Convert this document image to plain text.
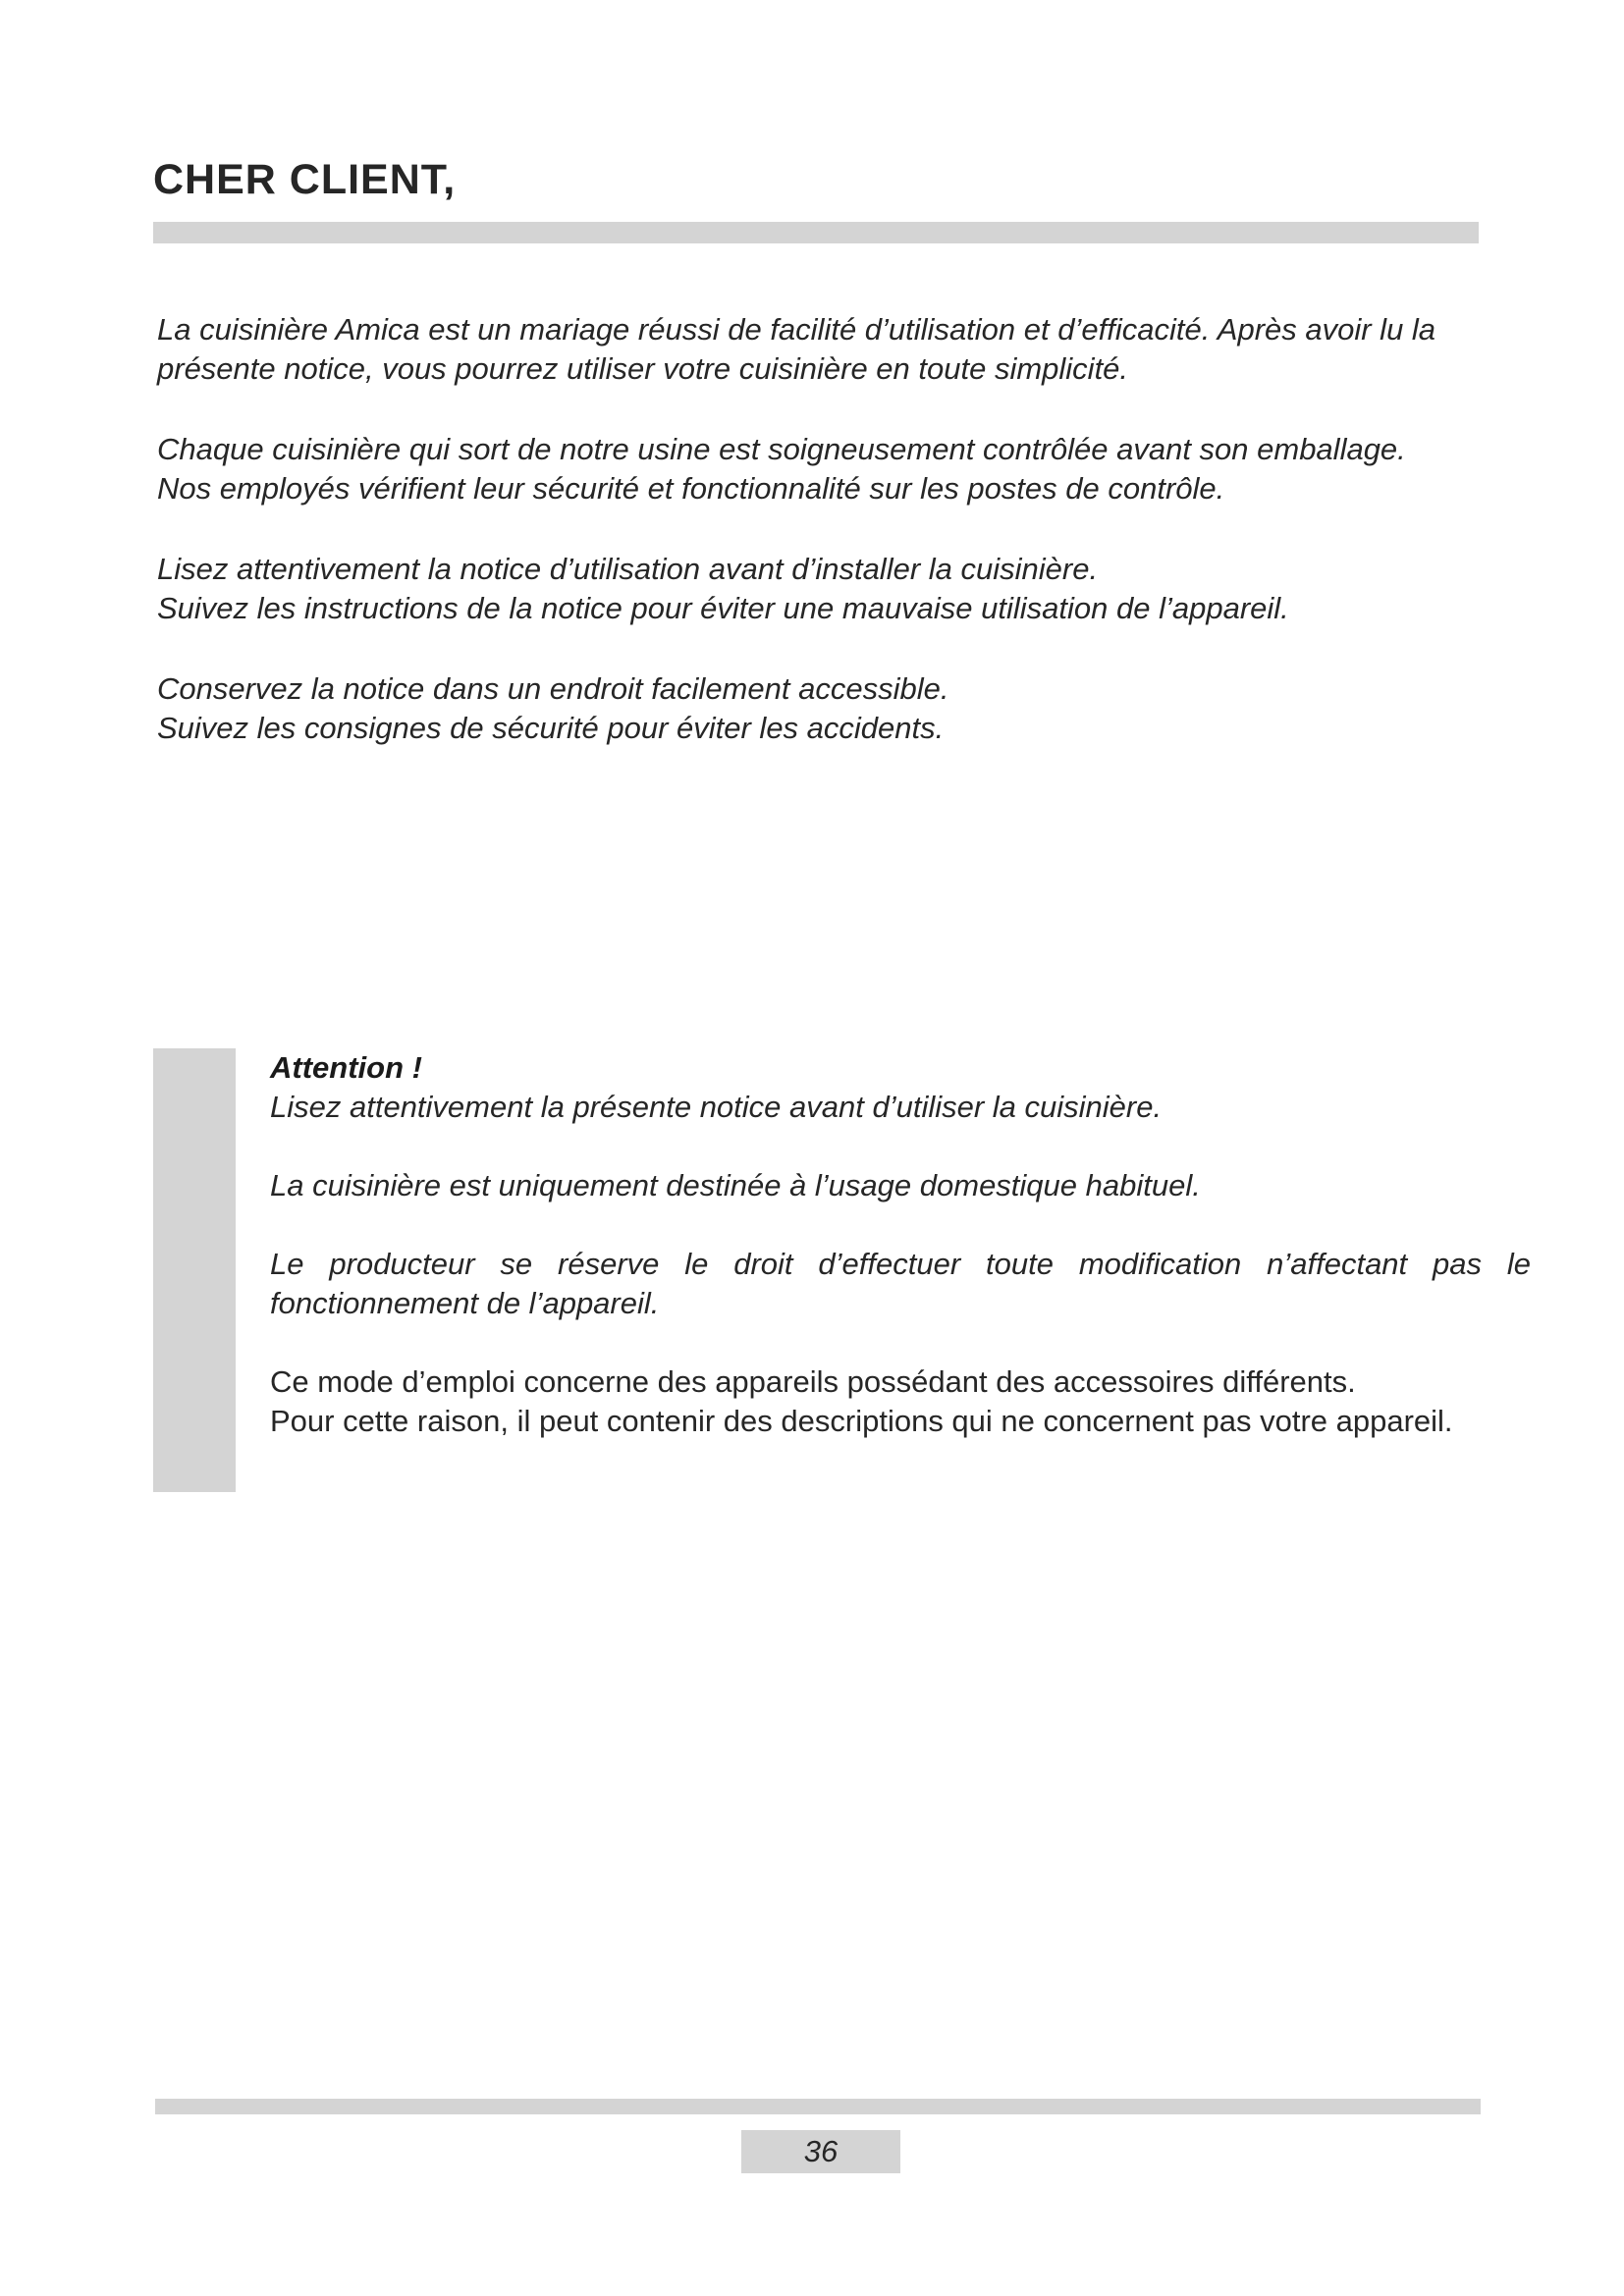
CHER CLIENT,

La cuisinière Amica est un mariage réussi de facilité d’utilisation et d’efficacité. Après avoir lu la présente notice, vous pourrez utiliser votre cuisinière en toute simplicité.

Chaque cuisinière qui sort de notre usine est soigneusement contrôlée avant son emballage.
Nos employés vérifient leur sécurité et fonctionnalité sur les postes de contrôle.

Lisez attentivement la notice d’utilisation avant d’installer la cuisinière.
Suivez les instructions de la notice pour éviter une mauvaise utilisation de l’appareil.

Conservez la notice dans un endroit facilement accessible.
Suivez les consignes de sécurité pour éviter les accidents.

Attention !

Lisez attentivement la présente notice avant d’utiliser la cuisinière.

La cuisinière est uniquement destinée à l’usage domestique habituel.

Le producteur se réserve le droit d’effectuer toute modification n’affectant pas le fonctionnement de l’appareil.

Ce mode d’emploi concerne des appareils possédant des accessoires différents.
Pour cette raison, il peut contenir des descriptions qui ne concernent pas votre appareil.

36
